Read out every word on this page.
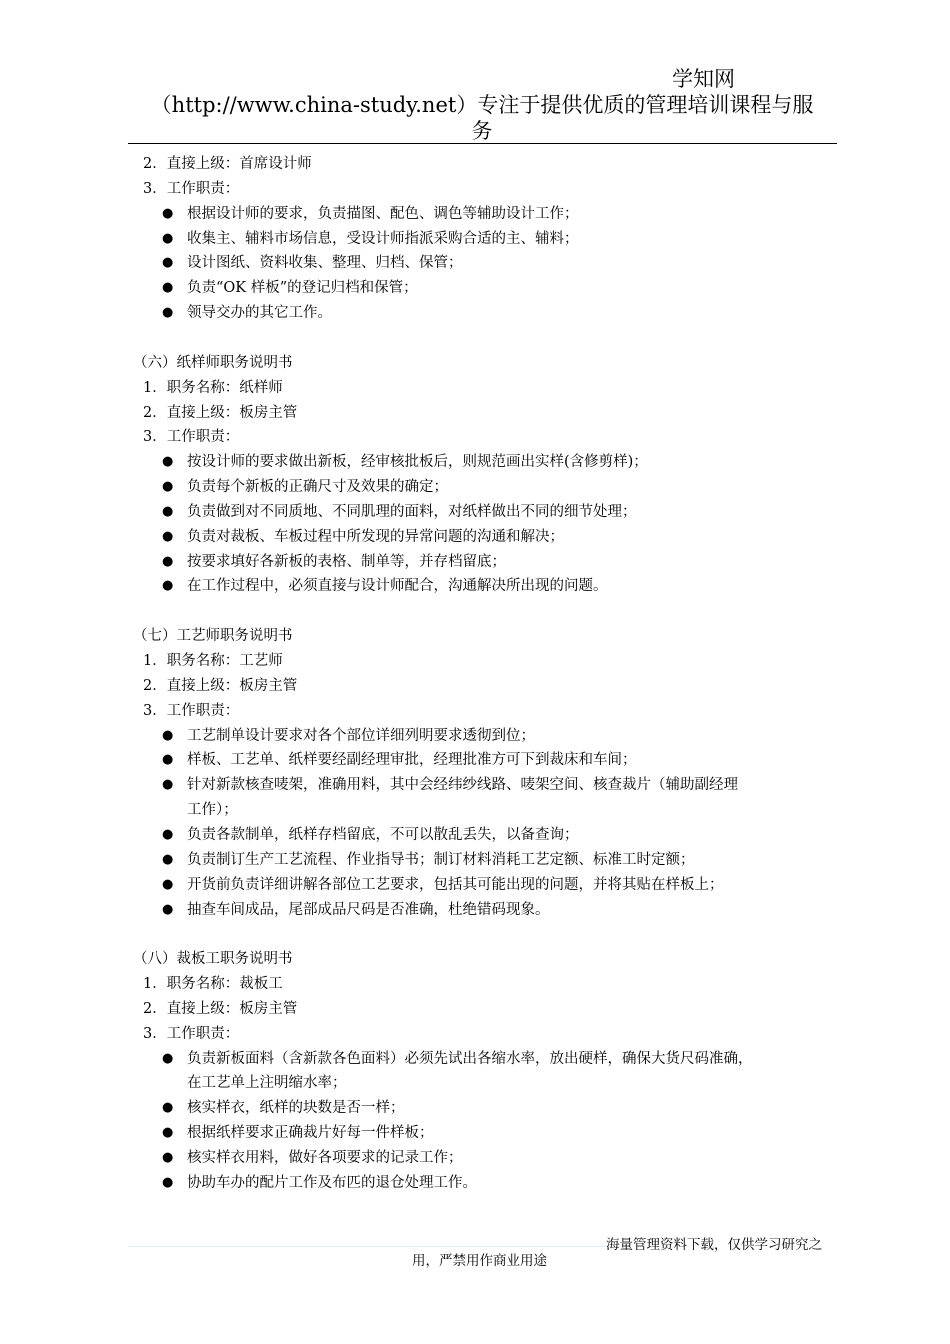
学知网
（http://www.china-study.net）专注于提供优质的管理培训课程与服
务
2．直接上级：首席设计师
3．工作职责：
● 根据设计师的要求，负责描图、配色、调色等辅助设计工作；
● 收集主、辅料市场信息，受设计师指派采购合适的主、辅料；
● 设计图纸、资料收集、整理、归档、保管；
● 负责“OK 样板”的登记归档和保管；
● 领导交办的其它工作。
（六）纸样师职务说明书
1．职务名称：纸样师
2．直接上级：板房主管
3．工作职责：
● 按设计师的要求做出新板，经审核批板后，则规范画出实样(含修剪样)；
● 负责每个新板的正确尺寸及效果的确定；
● 负责做到对不同质地、不同肌理的面料，对纸样做出不同的细节处理；
● 负责对裁板、车板过程中所发现的异常问题的沟通和解决；
● 按要求填好各新板的表格、制单等，并存档留底；
● 在工作过程中，必须直接与设计师配合，沟通解决所出现的问题。
（七）工艺师职务说明书
1．职务名称：工艺师
2．直接上级：板房主管
3．工作职责：
● 工艺制单设计要求对各个部位详细列明要求透彻到位；
● 样板、工艺单、纸样要经副经理审批，经理批准方可下到裁床和车间；
● 针对新款核查唛架，准确用料，其中会经纬纱线路、唛架空间、核查裁片（辅助副经理
工作）；
● 负责各款制单，纸样存档留底，不可以散乱丢失，以备查询；
● 负责制订生产工艺流程、作业指导书；制订材料消耗工艺定额、标准工时定额；
● 开货前负责详细讲解各部位工艺要求，包括其可能出现的问题，并将其贴在样板上；
● 抽查车间成品，尾部成品尺码是否准确，杜绝错码现象。
（八）裁板工职务说明书
1．职务名称：裁板工
2．直接上级：板房主管
3．工作职责：
● 负责新板面料（含新款各色面料）必须先试出各缩水率，放出硬样，确保大货尺码准确，
在工艺单上注明缩水率；
● 核实样衣，纸样的块数是否一样；
● 根据纸样要求正确裁片好每一件样板；
● 核实样衣用料，做好各项要求的记录工作；
● 协助车办的配片工作及布匹的退仓处理工作。
海量管理资料下载，仅供学习研究之
用，严禁用作商业用途
